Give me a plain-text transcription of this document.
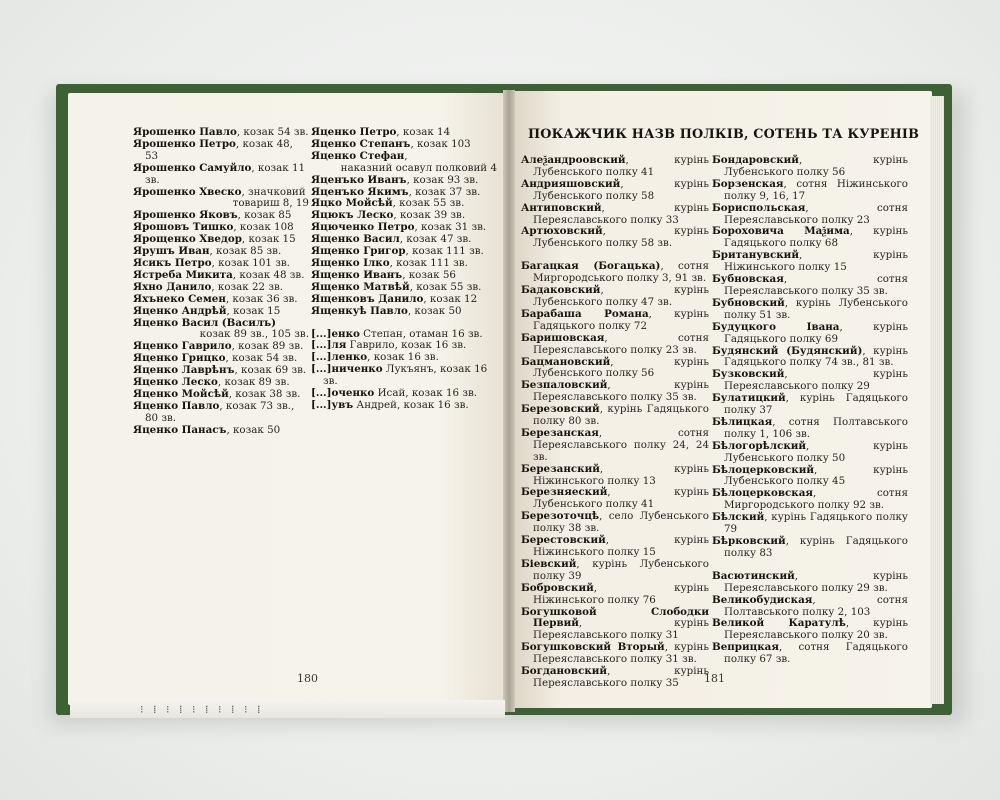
⁝ ⁞ ⁝ ⁞ ⁝ ⁞ ⁝ ⁞ ⁝ ⁞

Ярошенко Павло, козак 54 зв.

Ярошенко Петро, козак 48, 53

Ярошенко Самуйло, козак 11 зв.

Ярошенко Хвеско, значковий
товариш 8, 19

Ярошенко Яковъ, козак 85

Ярошовъ Тишко, козак 108

Ярощенко Хведор, козак 15

Ярушъ Иван, козак 85 зв.

Ясикъ Петро, козак 101 зв.

Ястреба Микита, козак 48 зв.

Яхно Данило, козак 22 зв.

Яхънеко Семен, козак 36 зв.

Яценко Андрѣй, козак 15

Яценко Васил (Василъ)
козак 89 зв., 105 зв.

Яценко Гаврило, козак 89 зв.

Яценко Грицко, козак 54 зв.

Яценко Лаврѣнъ, козак 69 зв.

Яценко Леско, козак 89 зв.

Яценко Мойсѣй, козак 38 зв.

Яценко Павло, козак 73 зв., 80 зв.

Яценко Панасъ, козак 50

Яценко Петро, козак 14

Яценко Степанъ, козак 103

Яценко Стефан,
наказний осавул полковий 4

Яценъко Иванъ, козак 93 зв.

Яценъко Якимъ, козак 37 зв.

Яцко Мойсѣй, козак 55 зв.

Яцюкъ Леско, козак 39 зв.

Яцюченко Петро, козак 31 зв.

Ященко Васил, козак 47 зв.

Ященко Григор, козак 111 зв.

Ященко Ілко, козак 111 зв.

Ященко Иванъ, козак 56

Ященко Матвѣй, козак 55 зв.

Ященковъ Данило, козак 12

Ященкуѣ Павло, козак 50

[...]енко Степан, отаман 16 зв.

[...]ля Гаврило, козак 16 зв.

[...]ленко, козак 16 зв.

[...]ниченко Лукъянъ, козак 16 зв.

[...]оченко Исай, козак 16 зв.

[...]увъ Андрей, козак 16 зв.

ПОКАЖЧИК НАЗВ ПОЛКІВ, СОТЕНЬ ТА КУРЕНІВ

Алеѯандроовский, курінь Лубенського полку 41

Андрияшовский, курінь Лубенського полку 58

Антиповский, курінь Переяславського полку 33

Артюховский, курінь Лубенського полку 58 зв.

Багацкая (Богацька), сотня Миргородського полку 3, 91 зв.

Бадаковский, курінь Лубенського полку 47 зв.

Барабаша Романа, курінь Гадяцького полку 72

Баришовская, сотня Переяславського полку 23 зв.

Бацмановский, курінь Лубенського полку 56

Безпаловский, курінь Переяславського полку 35 зв.

Березовский, курінь Гадяцького полку 80 зв.

Березанская, сотня Переяславського полку 24, 24 зв.

Березанский, курінь Ніжинського полку 13

Березняеский, курінь Лубенського полку 41

Березоточцѣ, село Лубенського полку 38 зв.

Берестовский, курінь Ніжинського полку 15

Біевский, курінь Лубенського полку 39

Бобровский, курінь Ніжинського полку 76

Богушковой Слободки Первий, курінь Переяславського полку 31

Богушковский Вторый, курінь Переяславського полку 31 зв.

Богдановский, курінь Переяславського полку 35

Бондаровский, курінь Лубенського полку 56

Борзенская, сотня Ніжинського полку 9, 16, 17

Бориспольская, сотня Переяславського полку 23

Бороховича Маѯима, курінь Гадяцького полку 68

Британувский, курінь Ніжинського полку 15

Бубновская, сотня Переяславського полку 35 зв.

Бубновский, курінь Лубенського полку 51 зв.

Будуцкого Івана, курінь Гадяцького полку 69

Будянский (Будянский), курінь Гадяцького полку 74 зв., 81 зв.

Бузковский, курінь Переяславського полку 29

Булатицкий, курінь Гадяцького полку 37

Бѣлицкая, сотня Полтавського полку 1, 106 зв.

Бѣлогорѣлский, курінь Лубенського полку 50

Бѣлоцерковский, курінь Лубенського полку 45

Бѣлоцерковская, сотня Миргородського полку 92 зв.

Бѣлский, курінь Гадяцького полку 79

Бѣрковский, курінь Гадяцького полку 83

Васютинский, курінь Переяславського полку 29 зв.

Великобудиская, сотня Полтавського полку 2, 103

Великой Каратулѣ, курінь Переяславського полку 20 зв.

Веприцкая, сотня Гадяцького полку 67 зв.

180	181
